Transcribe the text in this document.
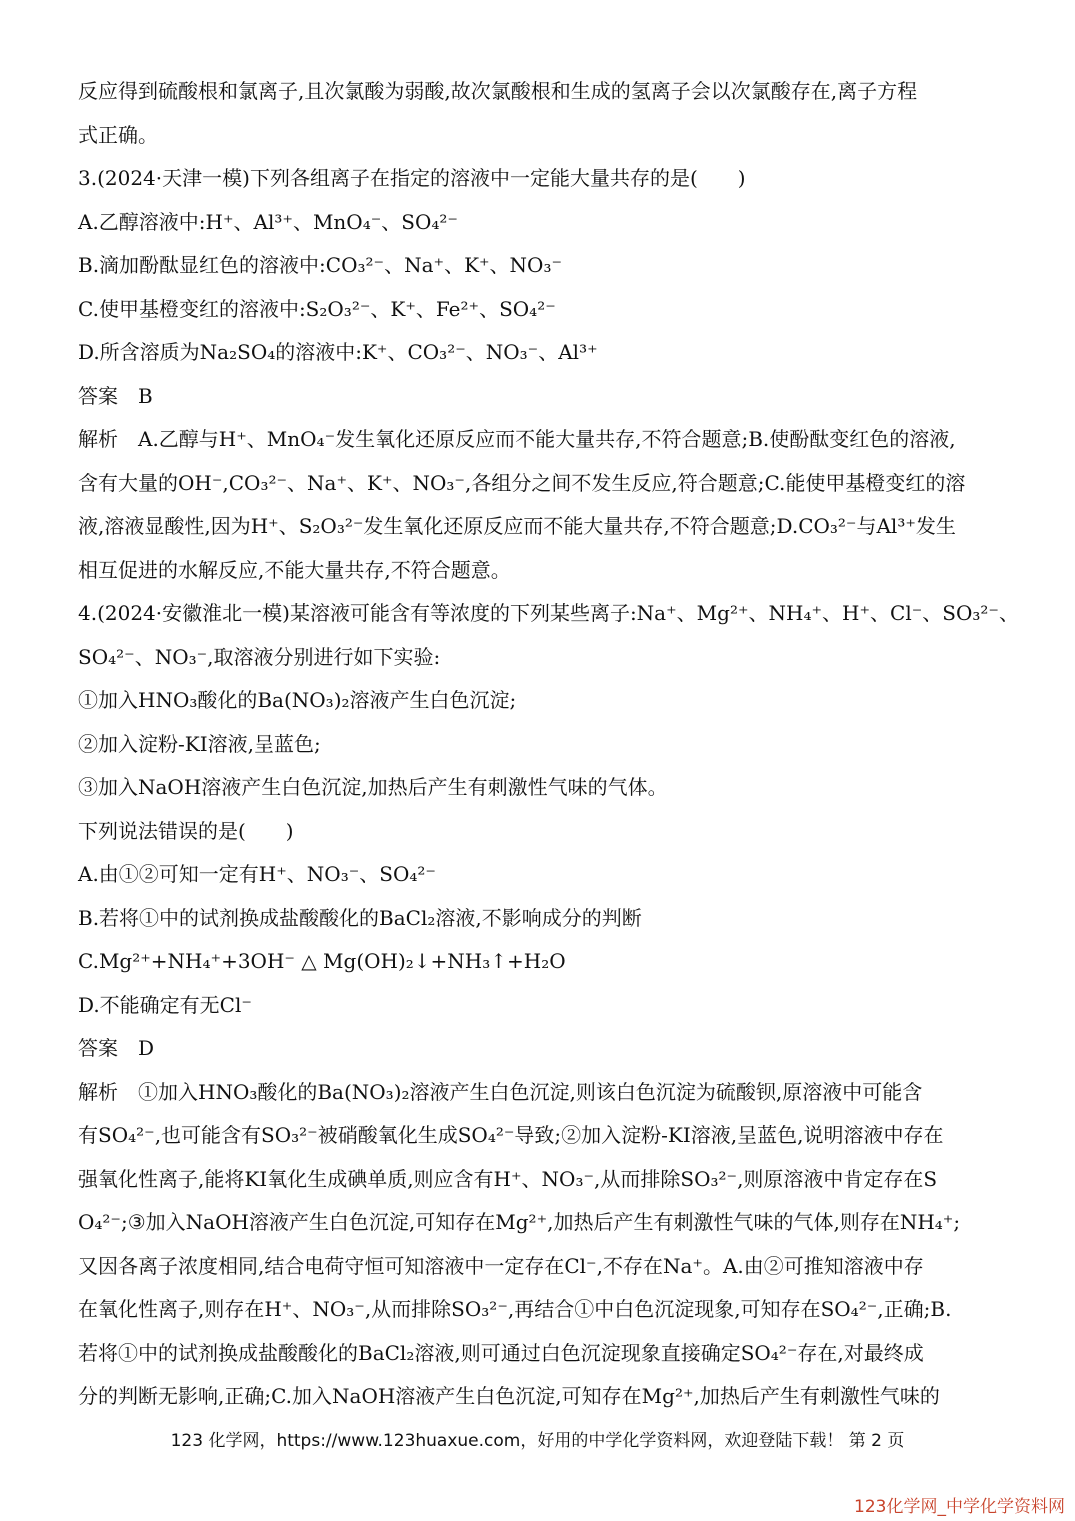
反应得到硫酸根和氯离子,且次氯酸为弱酸,故次氯酸根和生成的氢离子会以次氯酸存在,离子方程
式正确。
3.(2024·天津一模)下列各组离子在指定的溶液中一定能大量共存的是(　　)
A.乙醇溶液中:H⁺、Al³⁺、MnO₄⁻、SO₄²⁻
B.滴加酚酞显红色的溶液中:CO₃²⁻、Na⁺、K⁺、NO₃⁻
C.使甲基橙变红的溶液中:S₂O₃²⁻、K⁺、Fe²⁺、SO₄²⁻
D.所含溶质为Na₂SO₄的溶液中:K⁺、CO₃²⁻、NO₃⁻、Al³⁺
答案　B
解析　A.乙醇与H⁺、MnO₄⁻发生氧化还原反应而不能大量共存,不符合题意;B.使酚酞变红色的溶液,
含有大量的OH⁻,CO₃²⁻、Na⁺、K⁺、NO₃⁻,各组分之间不发生反应,符合题意;C.能使甲基橙变红的溶
液,溶液显酸性,因为H⁺、S₂O₃²⁻发生氧化还原反应而不能大量共存,不符合题意;D.CO₃²⁻与Al³⁺发生
相互促进的水解反应,不能大量共存,不符合题意。
4.(2024·安徽淮北一模)某溶液可能含有等浓度的下列某些离子:Na⁺、Mg²⁺、NH₄⁺、H⁺、Cl⁻、SO₃²⁻、
SO₄²⁻、NO₃⁻,取溶液分别进行如下实验:
①加入HNO₃酸化的Ba(NO₃)₂溶液产生白色沉淀;
②加入淀粉-KI溶液,呈蓝色;
③加入NaOH溶液产生白色沉淀,加热后产生有刺激性气味的气体。
下列说法错误的是(　　)
A.由①②可知一定有H⁺、NO₃⁻、SO₄²⁻
B.若将①中的试剂换成盐酸酸化的BaCl₂溶液,不影响成分的判断
C.Mg²⁺+NH₄⁺+3OH⁻ △ Mg(OH)₂↓+NH₃↑+H₂O
D.不能确定有无Cl⁻
答案　D
解析　①加入HNO₃酸化的Ba(NO₃)₂溶液产生白色沉淀,则该白色沉淀为硫酸钡,原溶液中可能含
有SO₄²⁻,也可能含有SO₃²⁻被硝酸氧化生成SO₄²⁻导致;②加入淀粉-KI溶液,呈蓝色,说明溶液中存在
强氧化性离子,能将KI氧化生成碘单质,则应含有H⁺、NO₃⁻,从而排除SO₃²⁻,则原溶液中肯定存在S
O₄²⁻;③加入NaOH溶液产生白色沉淀,可知存在Mg²⁺,加热后产生有刺激性气味的气体,则存在NH₄⁺;
又因各离子浓度相同,结合电荷守恒可知溶液中一定存在Cl⁻,不存在Na⁺。A.由②可推知溶液中存
在氧化性离子,则存在H⁺、NO₃⁻,从而排除SO₃²⁻,再结合①中白色沉淀现象,可知存在SO₄²⁻,正确;B.
若将①中的试剂换成盐酸酸化的BaCl₂溶液,则可通过白色沉淀现象直接确定SO₄²⁻存在,对最终成
分的判断无影响,正确;C.加入NaOH溶液产生白色沉淀,可知存在Mg²⁺,加热后产生有刺激性气味的
123 化学网，https://www.123huaxue.com，好用的中学化学资料网，欢迎登陆下载！ 第 2 页
123化学网_中学化学资料网
